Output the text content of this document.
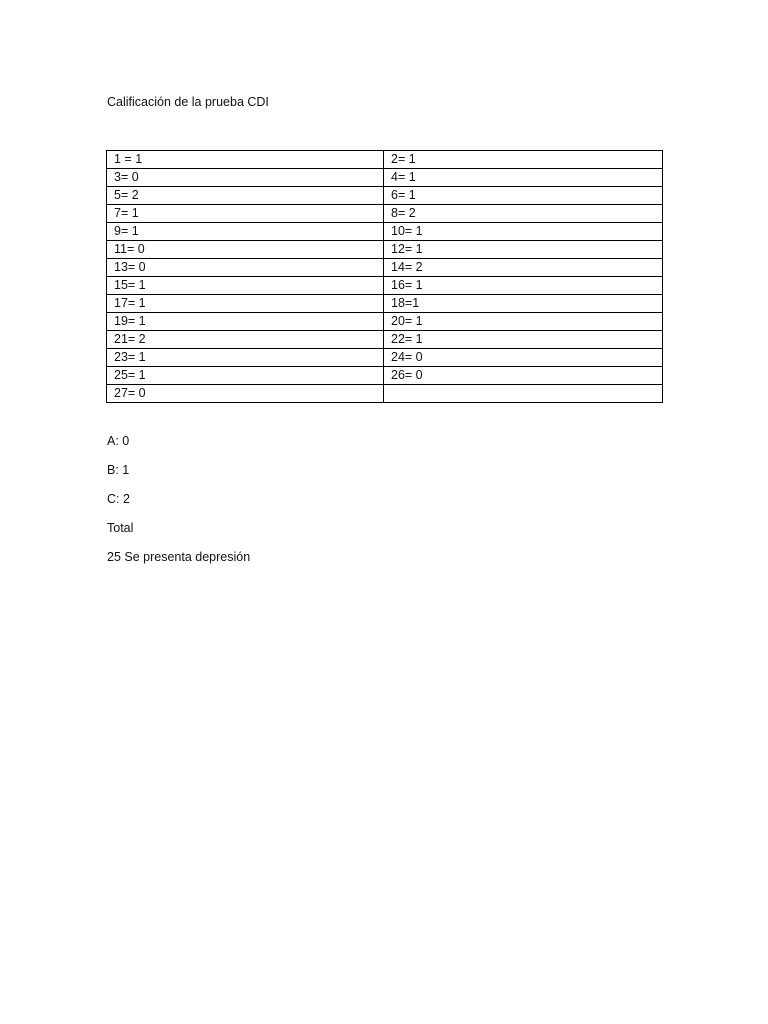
Calificación de la prueba CDI
1 = 1	2= 1
3= 0	4= 1
5= 2	6= 1
7= 1	8= 2
9= 1	10= 1
11= 0	12= 1
13= 0	14= 2
15= 1	16= 1
17= 1	18=1
19= 1	20= 1
21= 2	22= 1
23= 1	24= 0
25= 1	26= 0
27= 0	
A: 0
B: 1
C: 2
Total
25 Se presenta depresión
